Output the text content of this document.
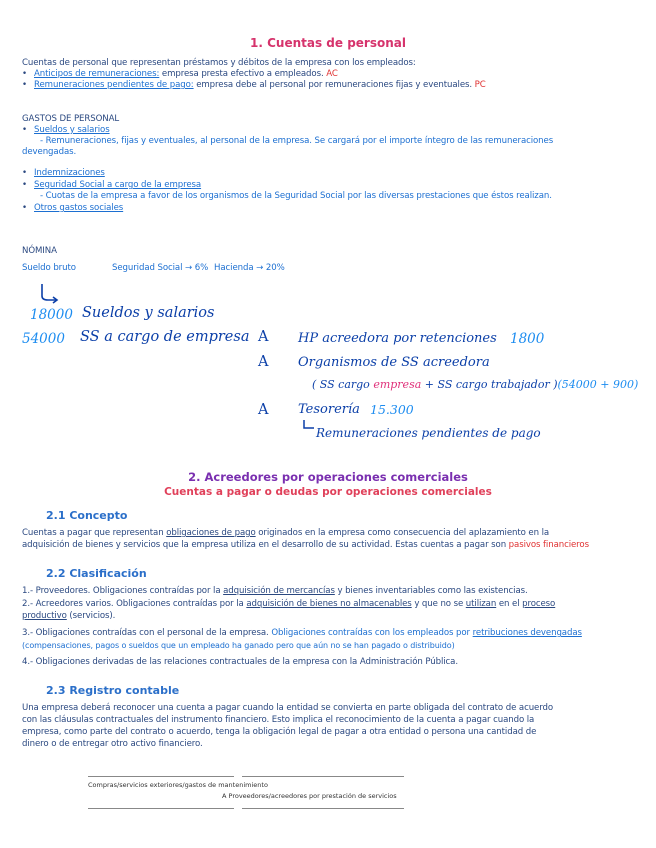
1. Cuentas de personal
Cuentas de personal que representan préstamos y débitos de la empresa con los empleados:
• Anticipos de remuneraciones: empresa presta efectivo a empleados. AC
• Remuneraciones pendientes de pago: empresa debe al personal por remuneraciones fijas y eventuales. PC
GASTOS DE PERSONAL
• Sueldos y salarios
- Remuneraciones, fijas y eventuales, al personal de la empresa. Se cargará por el importe íntegro de las remuneraciones
devengadas.
• Indemnizaciones
• Seguridad Social a cargo de la empresa
- Cuotas de la empresa a favor de los organismos de la Seguridad Social por las diversas prestaciones que éstos realizan.
• Otros gastos sociales
NÓMINA
Sueldo bruto	Seguridad Social → 6% Hacienda → 20%
18000 Sueldos y salarios
54000 SS a cargo de empresa A HP acreedora por retenciones 1800
A Organismos de SS acreedora
( SS cargo empresa + SS cargo trabajador )(54000 + 900)
A Tesorería 15.300
Remuneraciones pendientes de pago
2. Acreedores por operaciones comerciales
Cuentas a pagar o deudas por operaciones comerciales
2.1 Concepto
Cuentas a pagar que representan obligaciones de pago originados en la empresa como consecuencia del aplazamiento en la
adquisición de bienes y servicios que la empresa utiliza en el desarrollo de su actividad. Estas cuentas a pagar son pasivos financieros
2.2 Clasificación
1.- Proveedores. Obligaciones contraídas por la adquisición de mercancías y bienes inventariables como las existencias.
2.- Acreedores varios. Obligaciones contraídas por la adquisición de bienes no almacenables y que no se utilizan en el proceso
productivo (servicios).
3.- Obligaciones contraídas con el personal de la empresa. Obligaciones contraídas con los empleados por retribuciones devengadas
(compensaciones, pagos o sueldos que un empleado ha ganado pero que aún no se han pagado o distribuido)
4.- Obligaciones derivadas de las relaciones contractuales de la empresa con la Administración Pública.
2.3 Registro contable
Una empresa deberá reconocer una cuenta a pagar cuando la entidad se convierta en parte obligada del contrato de acuerdo
con las cláusulas contractuales del instrumento financiero. Esto implica el reconocimiento de la cuenta a pagar cuando la
empresa, como parte del contrato o acuerdo, tenga la obligación legal de pagar a otra entidad o persona una cantidad de
dinero o de entregar otro activo financiero.
Compras/servicios exteriores/gastos de mantenimiento
A Proveedores/acreedores por prestación de servicios
